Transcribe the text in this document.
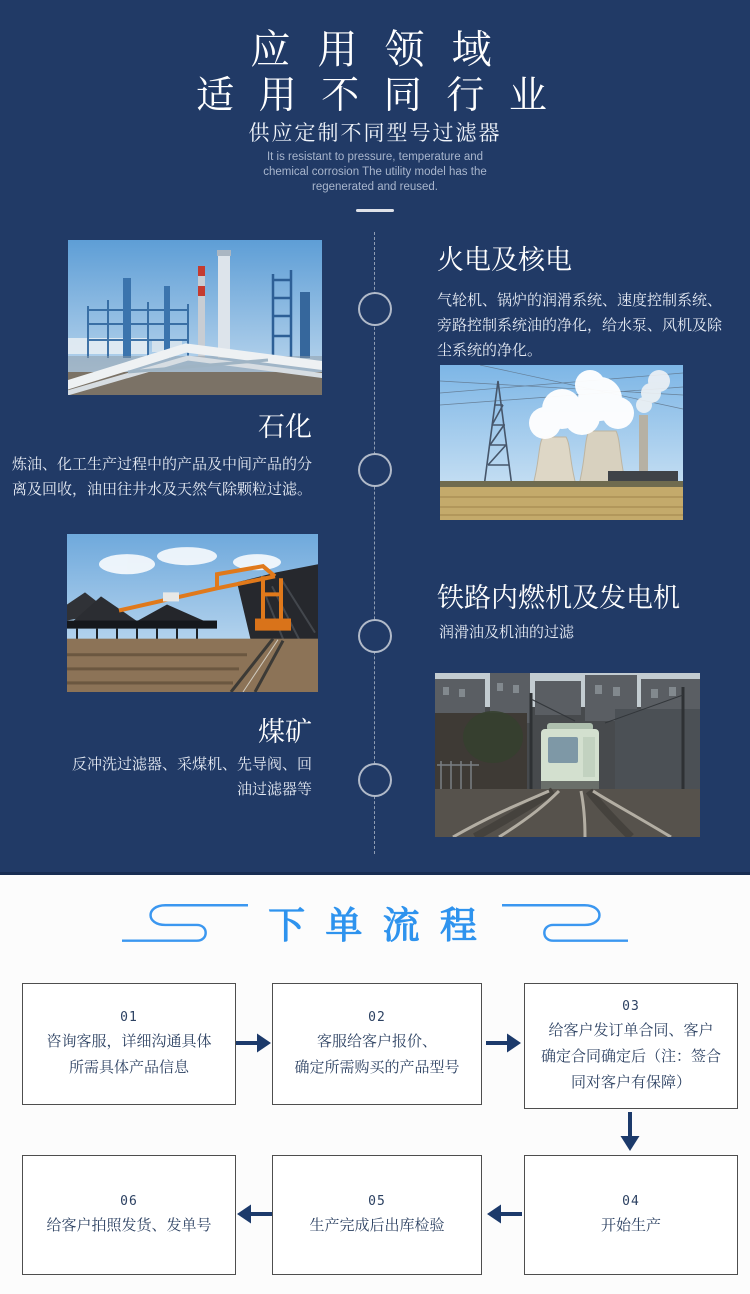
应 用 领 域
适 用 不 同 行 业
供应定制不同型号过滤器
It is resistant to pressure, temperature and
chemical corrosion The utility model has the
regenerated and reused.
火电及核电
气轮机、锅炉的润滑系统、速度控制系统、旁路控制系统油的净化，给水泵、风机及除尘系统的净化。
石化
炼油、化工生产过程中的产品及中间产品的分离及回收，油田往井水及天然气除颗粒过滤。
铁路内燃机及发电机
润滑油及机油的过滤
煤矿
反冲洗过滤器、采煤机、先导阀、回油过滤器等
下 单 流 程
01
咨询客服，详细沟通具体
所需具体产品信息
02
客服给客户报价、
确定所需购买的产品型号
03
给客户发订单合同、客户
确定合同确定后（注：签合
同对客户有保障）
06
给客户拍照发货、发单号
05
生产完成后出库检验
04
开始生产
